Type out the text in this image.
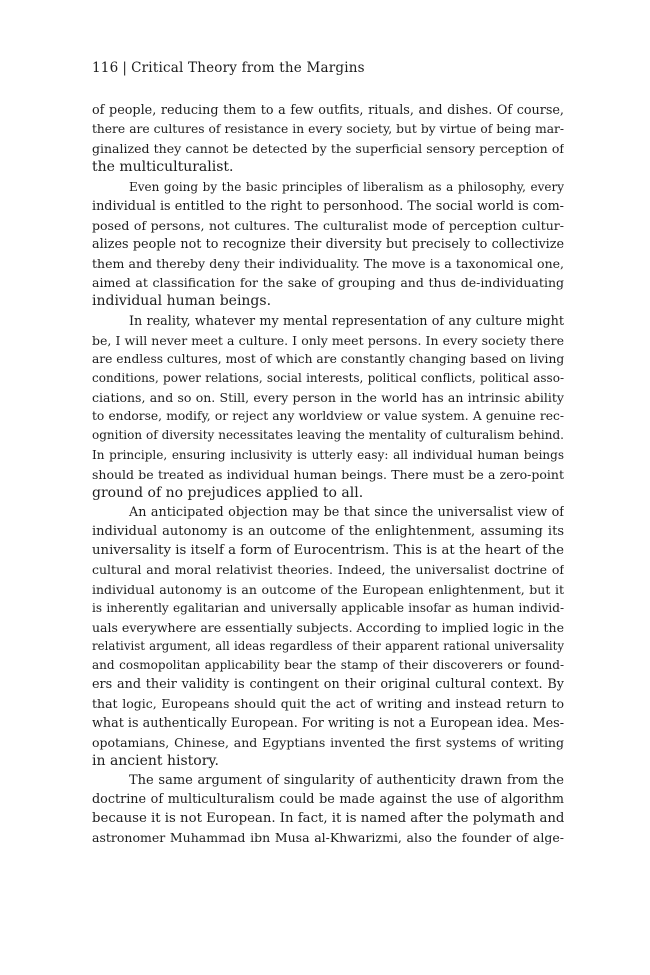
116 | Critical Theory from the Margins
of people, reducing them to a few outfits, rituals, and dishes. Of course,
there are cultures of resistance in every society, but by virtue of being mar-
ginalized they cannot be detected by the superficial sensory perception of
the multiculturalist.
Even going by the basic principles of liberalism as a philosophy, every
individual is entitled to the right to personhood. The social world is com-
posed of persons, not cultures. The culturalist mode of perception cultur-
alizes people not to recognize their diversity but precisely to collectivize
them and thereby deny their individuality. The move is a taxonomical one,
aimed at classification for the sake of grouping and thus de-individuating
individual human beings.
In reality, whatever my mental representation of any culture might
be, I will never meet a culture. I only meet persons. In every society there
are endless cultures, most of which are constantly changing based on living
conditions, power relations, social interests, political conflicts, political asso-
ciations, and so on. Still, every person in the world has an intrinsic ability
to endorse, modify, or reject any worldview or value system. A genuine rec-
ognition of diversity necessitates leaving the mentality of culturalism behind.
In principle, ensuring inclusivity is utterly easy: all individual human beings
should be treated as individual human beings. There must be a zero-point
ground of no prejudices applied to all.
An anticipated objection may be that since the universalist view of
individual autonomy is an outcome of the enlightenment, assuming its
universality is itself a form of Eurocentrism. This is at the heart of the
cultural and moral relativist theories. Indeed, the universalist doctrine of
individual autonomy is an outcome of the European enlightenment, but it
is inherently egalitarian and universally applicable insofar as human individ-
uals everywhere are essentially subjects. According to implied logic in the
relativist argument, all ideas regardless of their apparent rational universality
and cosmopolitan applicability bear the stamp of their discoverers or found-
ers and their validity is contingent on their original cultural context. By
that logic, Europeans should quit the act of writing and instead return to
what is authentically European. For writing is not a European idea. Mes-
opotamians, Chinese, and Egyptians invented the first systems of writing
in ancient history.
The same argument of singularity of authenticity drawn from the
doctrine of multiculturalism could be made against the use of algorithm
because it is not European. In fact, it is named after the polymath and
astronomer Muhammad ibn Musa al-Khwarizmi, also the founder of alge-
